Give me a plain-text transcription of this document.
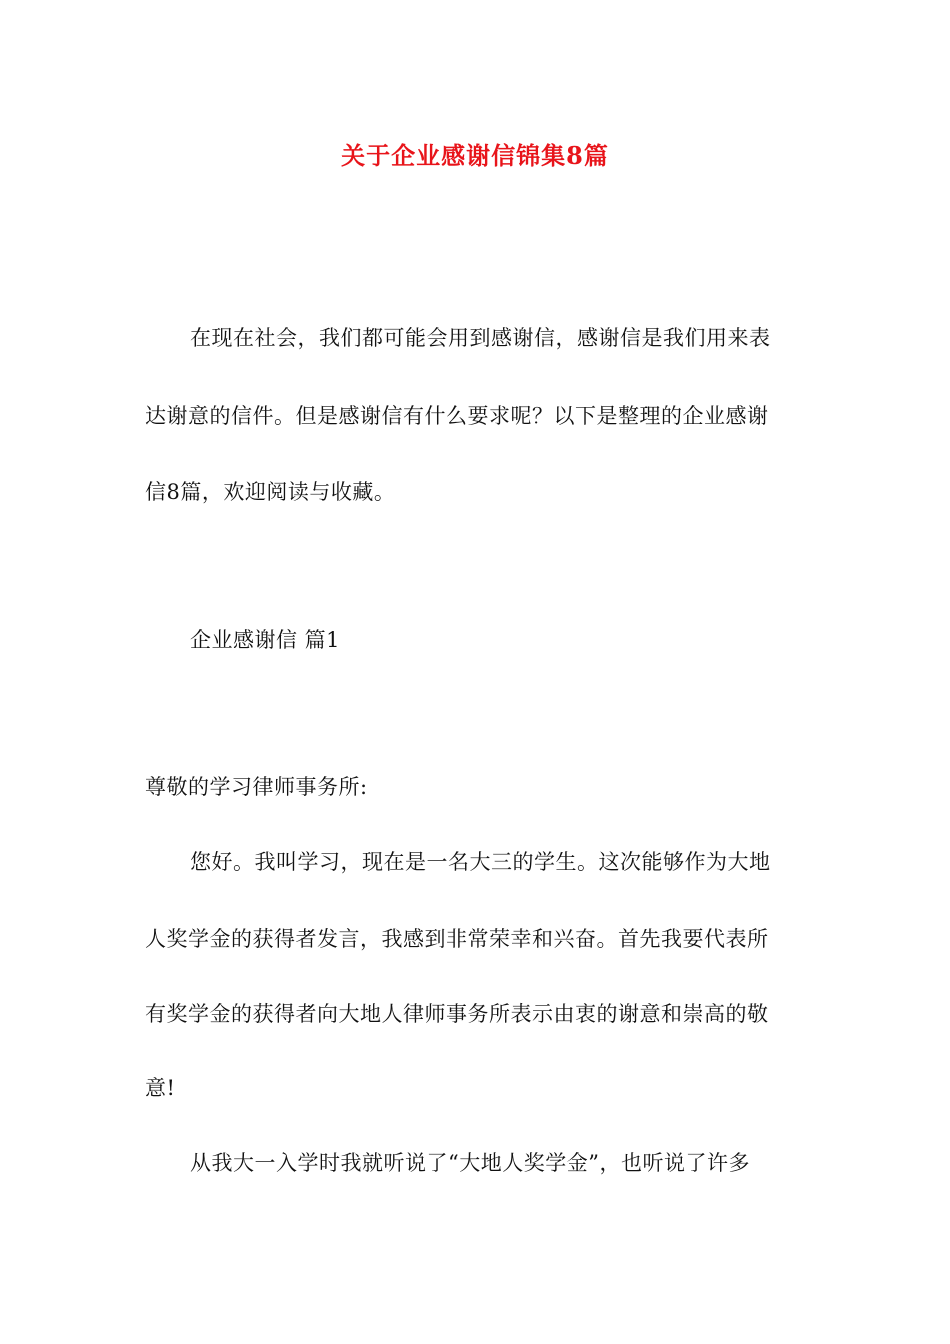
关于企业感谢信锦集8篇
在现在社会，我们都可能会用到感谢信，感谢信是我们用来表
达谢意的信件。但是感谢信有什么要求呢？以下是整理的企业感谢
信8篇，欢迎阅读与收藏。
企业感谢信 篇1
尊敬的学习律师事务所:
您好。我叫学习，现在是一名大三的学生。这次能够作为大地
人奖学金的获得者发言，我感到非常荣幸和兴奋。首先我要代表所
有奖学金的获得者向大地人律师事务所表示由衷的谢意和崇高的敬
意!
从我大一入学时我就听说了“大地人奖学金”，也听说了许多
